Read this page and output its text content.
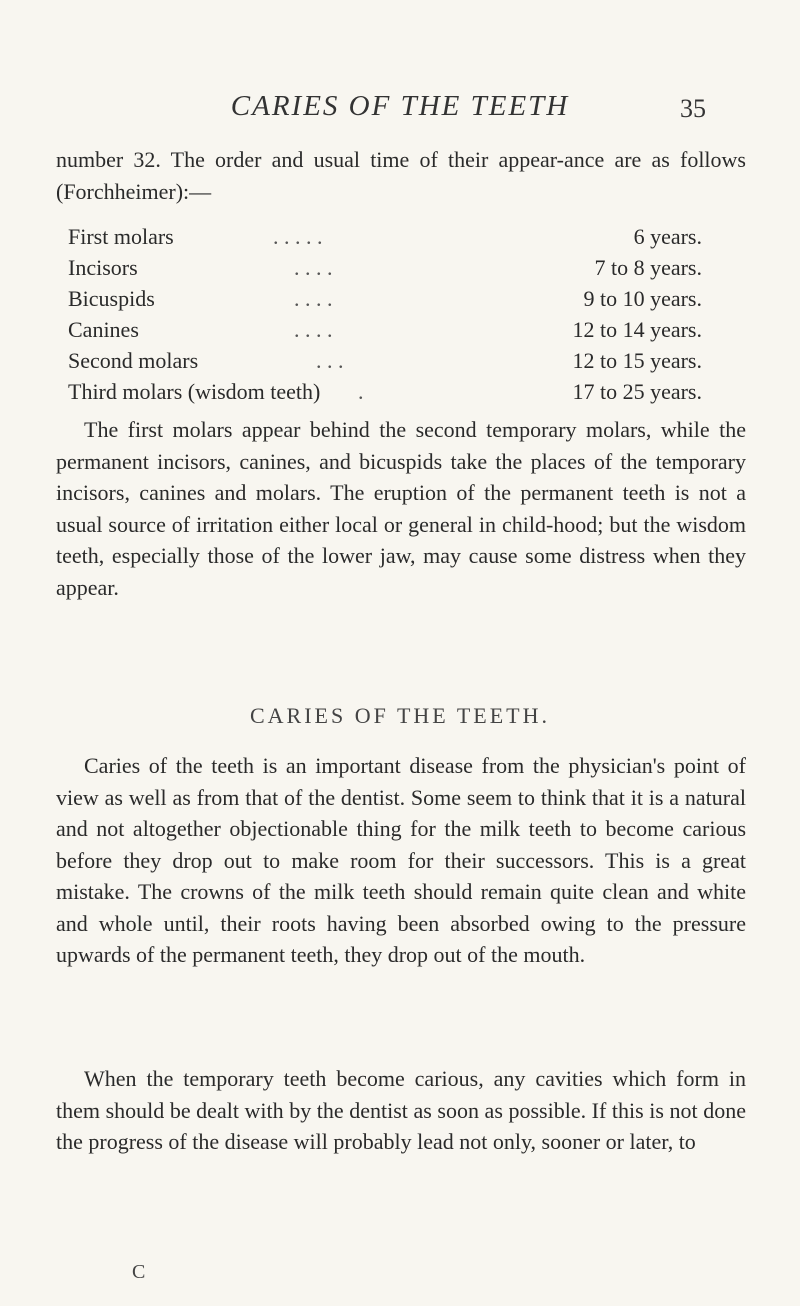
CARIES OF THE TEETH	35
number 32. The order and usual time of their appear-ance are as follows (Forchheimer):—
First molars	. . . . .	6 years.
Incisors	. . . .	7 to 8 years.
Bicuspids	. . . .	9 to 10 years.
Canines	. . . .	12 to 14 years.
Second molars	. . .	12 to 15 years.
Third molars (wisdom teeth) .	17 to 25 years.
The first molars appear behind the second temporary molars, while the permanent incisors, canines, and bicuspids take the places of the temporary incisors, canines and molars. The eruption of the permanent teeth is not a usual source of irritation either local or general in child-hood; but the wisdom teeth, especially those of the lower jaw, may cause some distress when they appear.
CARIES OF THE TEETH.
Caries of the teeth is an important disease from the physician's point of view as well as from that of the dentist. Some seem to think that it is a natural and not altogether objectionable thing for the milk teeth to become carious before they drop out to make room for their successors. This is a great mistake. The crowns of the milk teeth should remain quite clean and white and whole until, their roots having been absorbed owing to the pressure upwards of the permanent teeth, they drop out of the mouth.
When the temporary teeth become carious, any cavities which form in them should be dealt with by the dentist as soon as possible. If this is not done the progress of the disease will probably lead not only, sooner or later, to
C
